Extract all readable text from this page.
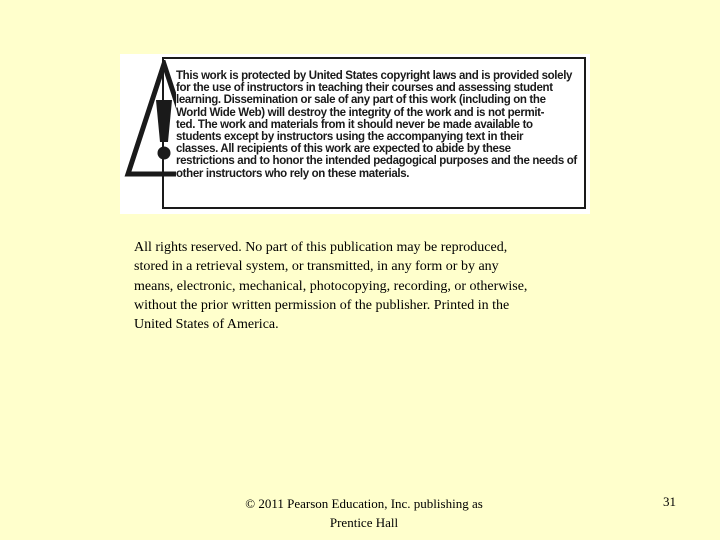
This work is protected by United States copyright laws and is provided solely
for the use of instructors in teaching their courses and assessing student
learning. Dissemination or sale of any part of this work (including on the
World Wide Web) will destroy the integrity of the work and is not permit-
ted. The work and materials from it should never be made available to
students except by instructors using the accompanying text in their
classes. All recipients of this work are expected to abide by these
restrictions and to honor the intended pedagogical purposes and the needs of
other instructors who rely on these materials.

All rights reserved. No part of this publication may be reproduced,
stored in a retrieval system, or transmitted, in any form or by any
means, electronic, mechanical, photocopying, recording, or otherwise,
without the prior written permission of the publisher. Printed in the
United States of America.

© 2011 Pearson Education, Inc. publishing as
Prentice Hall

31
